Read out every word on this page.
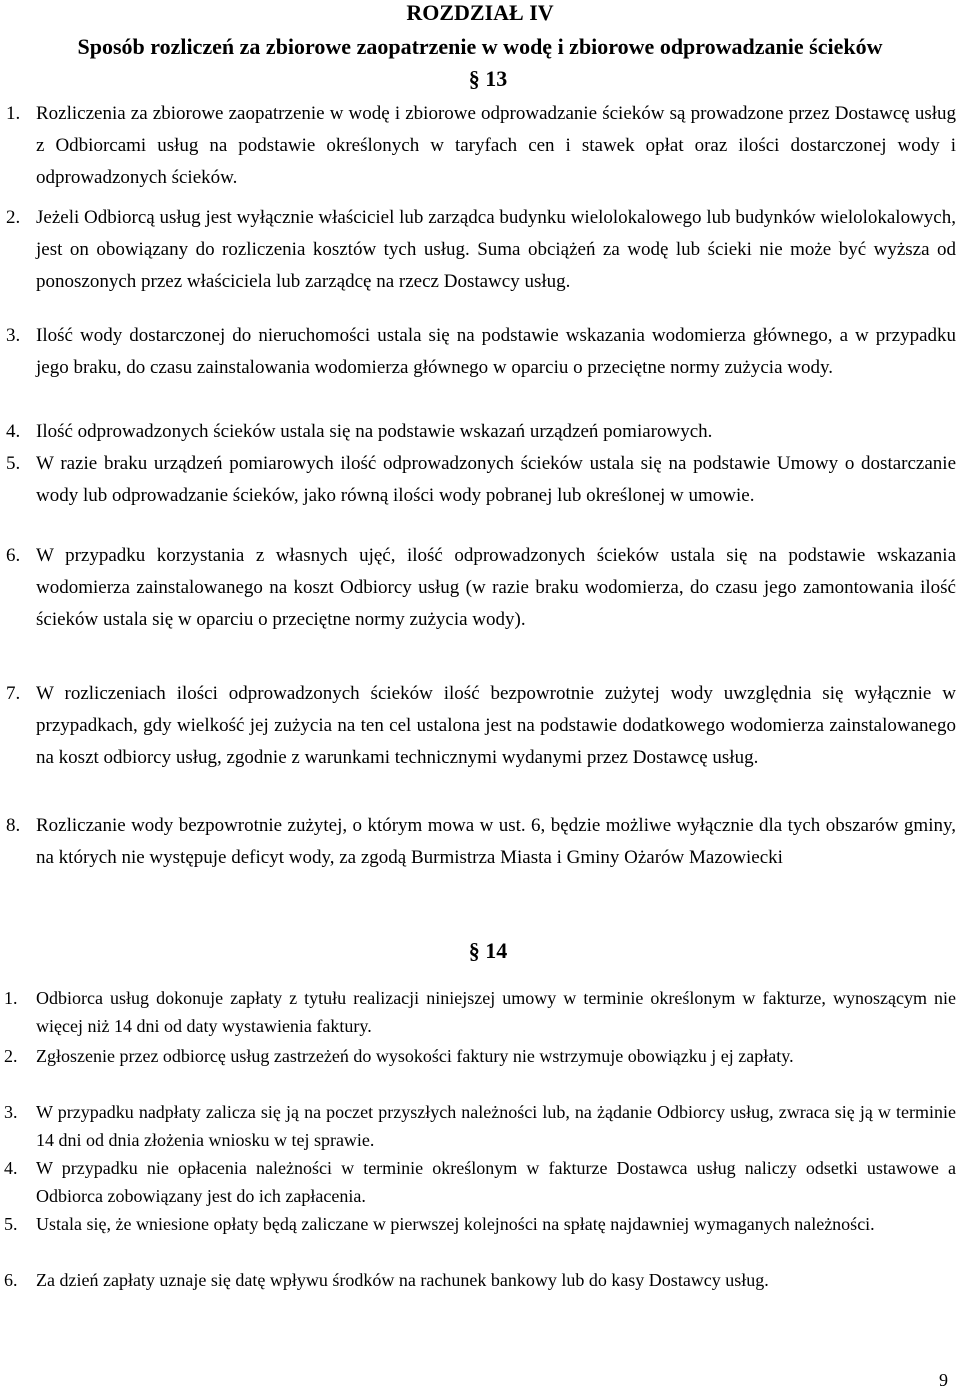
ROZDZIAŁ IV
Sposób rozliczeń za zbiorowe zaopatrzenie w wodę i zbiorowe odprowadzanie ścieków
§ 13
1. Rozliczenia za zbiorowe zaopatrzenie w wodę i zbiorowe odprowadzanie ścieków są prowadzone przez Dostawcę usług z Odbiorcami usług na podstawie określonych w taryfach cen i stawek opłat oraz ilości dostarczonej wody i odprowadzonych ścieków.
2. Jeżeli Odbiorcą usług jest wyłącznie właściciel lub zarządca budynku wielolokalowego lub budynków wielolokalowych, jest on obowiązany do rozliczenia kosztów tych usług. Suma obciążeń za wodę lub ścieki nie może być wyższa od ponoszonych przez właściciela lub zarządcę na rzecz Dostawcy usług.
3. Ilość wody dostarczonej do nieruchomości ustala się na podstawie wskazania wodomierza głównego, a w przypadku jego braku, do czasu zainstalowania wodomierza głównego w oparciu o przeciętne normy zużycia wody.
4. Ilość odprowadzonych ścieków ustala się na podstawie wskazań urządzeń pomiarowych.
5. W razie braku urządzeń pomiarowych ilość odprowadzonych ścieków ustala się na podstawie Umowy o dostarczanie wody lub odprowadzanie ścieków, jako równą ilości wody pobranej lub określonej w umowie.
6. W przypadku korzystania z własnych ujęć, ilość odprowadzonych ścieków ustala się na podstawie wskazania wodomierza zainstalowanego na koszt Odbiorcy usług (w razie braku wodomierza, do czasu jego zamontowania ilość ścieków ustala się w oparciu o przeciętne normy zużycia wody).
7. W rozliczeniach ilości odprowadzonych ścieków ilość bezpowrotnie zużytej wody uwzględnia się wyłącznie w przypadkach, gdy wielkość jej zużycia na ten cel ustalona jest na podstawie dodatkowego wodomierza zainstalowanego na koszt odbiorcy usług, zgodnie z warunkami technicznymi wydanymi przez Dostawcę usług.
8. Rozliczanie wody bezpowrotnie zużytej, o którym mowa w ust. 6, będzie możliwe wyłącznie dla tych obszarów gminy, na których nie występuje deficyt wody, za zgodą Burmistrza Miasta i Gminy Ożarów Mazowiecki
§ 14
1. Odbiorca usług dokonuje zapłaty z tytułu realizacji niniejszej umowy w terminie określonym w fakturze, wynoszącym nie więcej niż 14 dni od daty wystawienia faktury.
2. Zgłoszenie przez odbiorcę usług zastrzeżeń do wysokości faktury nie wstrzymuje obowiązku j ej zapłaty.
3. W przypadku nadpłaty zalicza się ją na poczet przyszłych należności lub, na żądanie Odbiorcy usług, zwraca się ją w terminie 14 dni od dnia złożenia wniosku w tej sprawie.
4. W przypadku nie opłacenia należności w terminie określonym w fakturze Dostawca usług naliczy odsetki ustawowe a Odbiorca zobowiązany jest do ich zapłacenia.
5. Ustala się, że wniesione opłaty będą zaliczane w pierwszej kolejności na spłatę najdawniej wymaganych należności.
6. Za dzień zapłaty uznaje się datę wpływu środków na rachunek bankowy lub do kasy Dostawcy usług.
9
